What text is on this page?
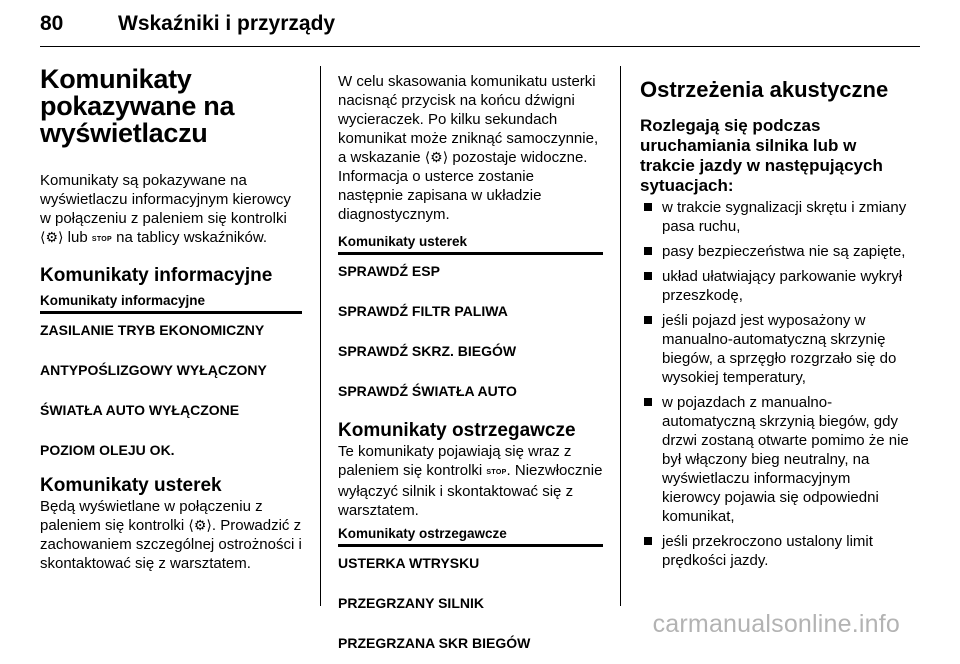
80	Wskaźniki i przyrządy
Komunikaty
pokazywane na
wyświetlaczu

Komunikaty są pokazywane na wyświetlaczu informacyjnym kierowcy w połączeniu z paleniem się kontrolki ⟨⚙⟩ lub STOP na tablicy wskaźników.

Komunikaty informacyjne
Komunikaty informacyjne
ZASILANIE TRYB EKONOMICZNY
ANTYPOŚLIZGOWY WYŁĄCZONY
ŚWIATŁA AUTO WYŁĄCZONE
POZIOM OLEJU OK.
Komunikaty usterek

Będą wyświetlane w połączeniu z paleniem się kontrolki ⟨⚙⟩. Prowadzić z zachowaniem szczególnej ostrożności i skontaktować się z warsztatem.

W celu skasowania komunikatu usterki nacisnąć przycisk na końcu dźwigni wycieraczek. Po kilku sekundach komunikat może zniknąć samoczynnie, a wskazanie ⟨⚙⟩ pozostaje widoczne. Informacja o usterce zostanie następnie zapisana w układzie diagnostycznym.

Komunikaty usterek
SPRAWDŹ ESP
SPRAWDŹ FILTR PALIWA
SPRAWDŹ SKRZ. BIEGÓW
SPRAWDŹ ŚWIATŁA AUTO
Komunikaty ostrzegawcze

Te komunikaty pojawiają się wraz z paleniem się kontrolki STOP. Niezwłocznie wyłączyć silnik i skontaktować się z warsztatem.

Komunikaty ostrzegawcze
USTERKA WTRYSKU
PRZEGRZANY SILNIK
PRZEGRZANA SKR BIEGÓW
Ostrzeżenia akustyczne
Rozlegają się podczas uruchamiania silnika lub w trakcie jazdy w następujących sytuacjach:
w trakcie sygnalizacji skrętu i zmiany pasa ruchu,
pasy bezpieczeństwa nie są zapięte,
układ ułatwiający parkowanie wykrył przeszkodę,
jeśli pojazd jest wyposażony w manualno-automatyczną skrzynię biegów, a sprzęgło rozgrzało się do wysokiej temperatury,
w pojazdach z manualno-automatyczną skrzynią biegów, gdy drzwi zostaną otwarte pomimo że nie był włączony bieg neutralny, na wyświetlaczu informacyjnym kierowcy pojawia się odpowiedni komunikat,
jeśli przekroczono ustalony limit prędkości jazdy.
carmanualsonline.info
